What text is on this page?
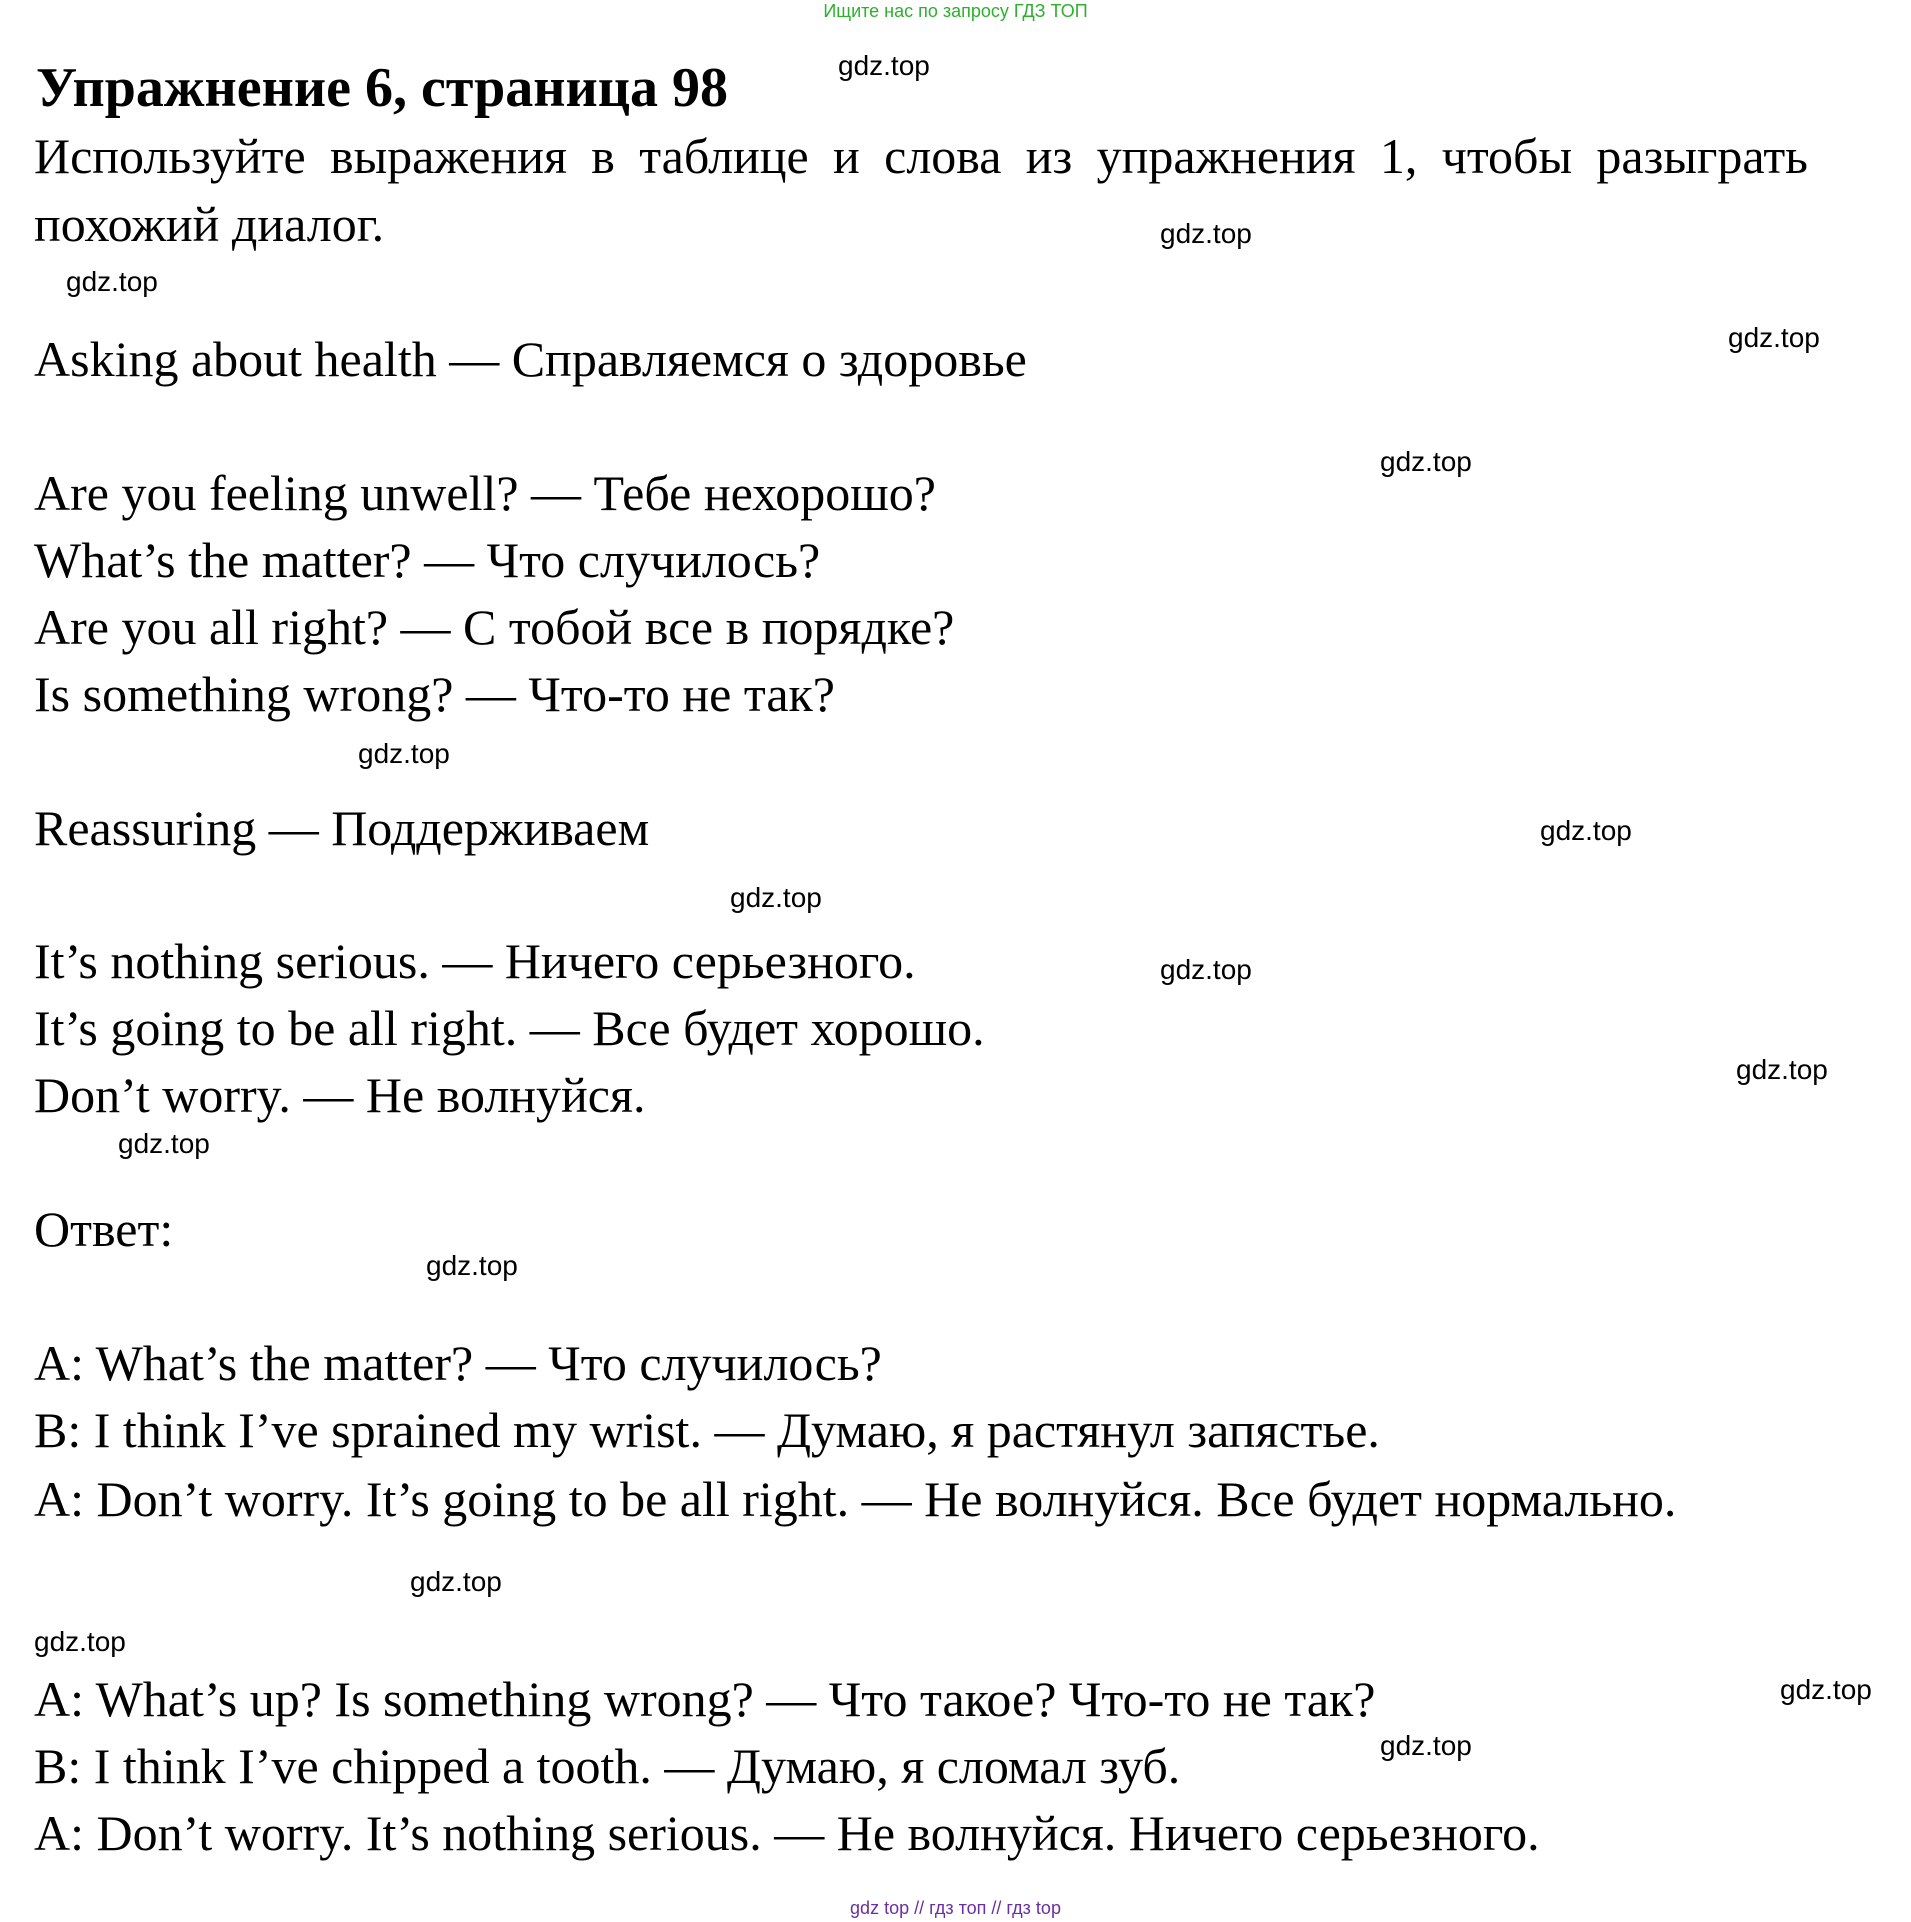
Ищите нас по запросу ГДЗ ТОП
Упражнение 6, страница 98
Используйте выражения в таблице и слова из упражнения 1, чтобы разыграть похожий диалог.
Asking about health — Справляемся о здоровье
Are you feeling unwell? — Тебе нехорошо?
What’s the matter? — Что случилось?
Are you all right? — С тобой все в порядке?
Is something wrong? — Что-то не так?
Reassuring — Поддерживаем
It’s nothing serious. — Ничего серьезного.
It’s going to be all right. — Все будет хорошо.
Don’t worry. — Не волнуйся.
Ответ:
A: What’s the matter? — Что случилось?
B: I think I’ve sprained my wrist. — Думаю, я растянул запястье.
A: Don’t worry. It’s going to be all right. — Не волнуйся. Все будет нормально.
A: What’s up? Is something wrong? — Что такое? Что-то не так?
B: I think I’ve chipped a tooth. — Думаю, я сломал зуб.
A: Don’t worry. It’s nothing serious. — Не волнуйся. Ничего серьезного.
gdz.top
gdz.top
gdz.top
gdz.top
gdz.top
gdz.top
gdz.top
gdz.top
gdz.top
gdz.top
gdz.top
gdz.top
gdz.top
gdz.top
gdz.top
gdz.top
gdz top // гдз топ // гдз top
